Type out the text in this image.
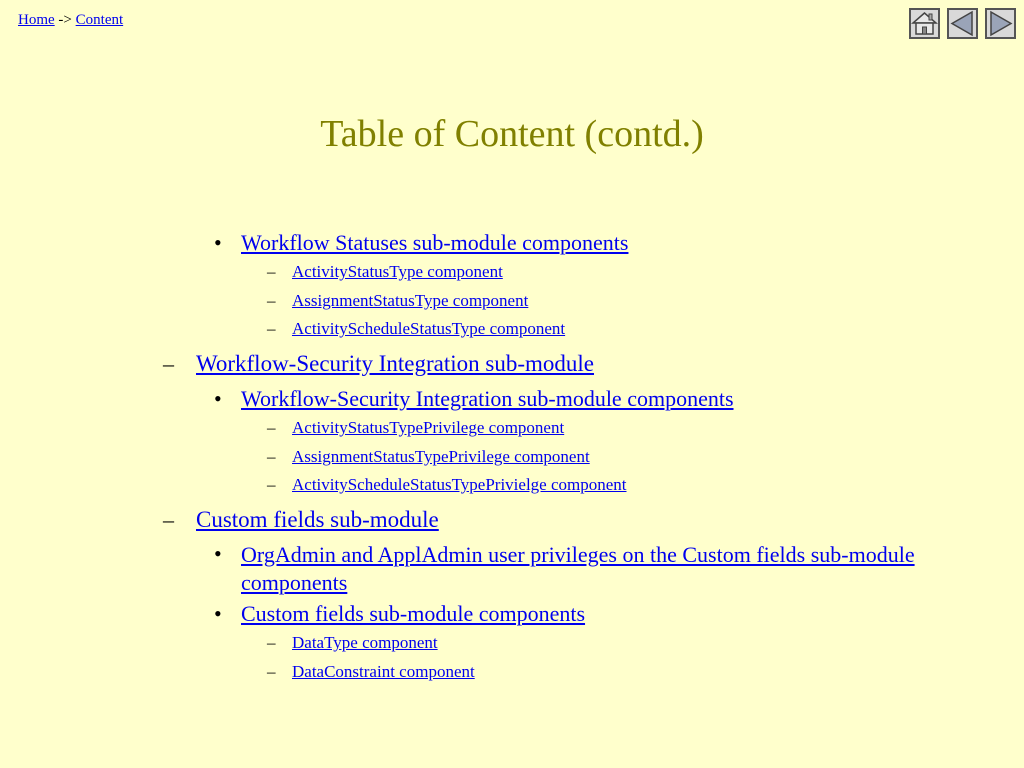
Home -> Content
Table of Content (contd.)
• Workflow Statuses sub-module components
– ActivityStatusType component
– AssignmentStatusType component
– ActivityScheduleStatusType component
– Workflow-Security Integration sub-module
• Workflow-Security Integration sub-module components
– ActivityStatusTypePrivilege component
– AssignmentStatusTypePrivilege component
– ActivityScheduleStatusTypePrivielge component
– Custom fields sub-module
• OrgAdmin and ApplAdmin user privileges on the Custom fields sub-module components
• Custom fields sub-module components
– DataType component
– DataConstraint component
